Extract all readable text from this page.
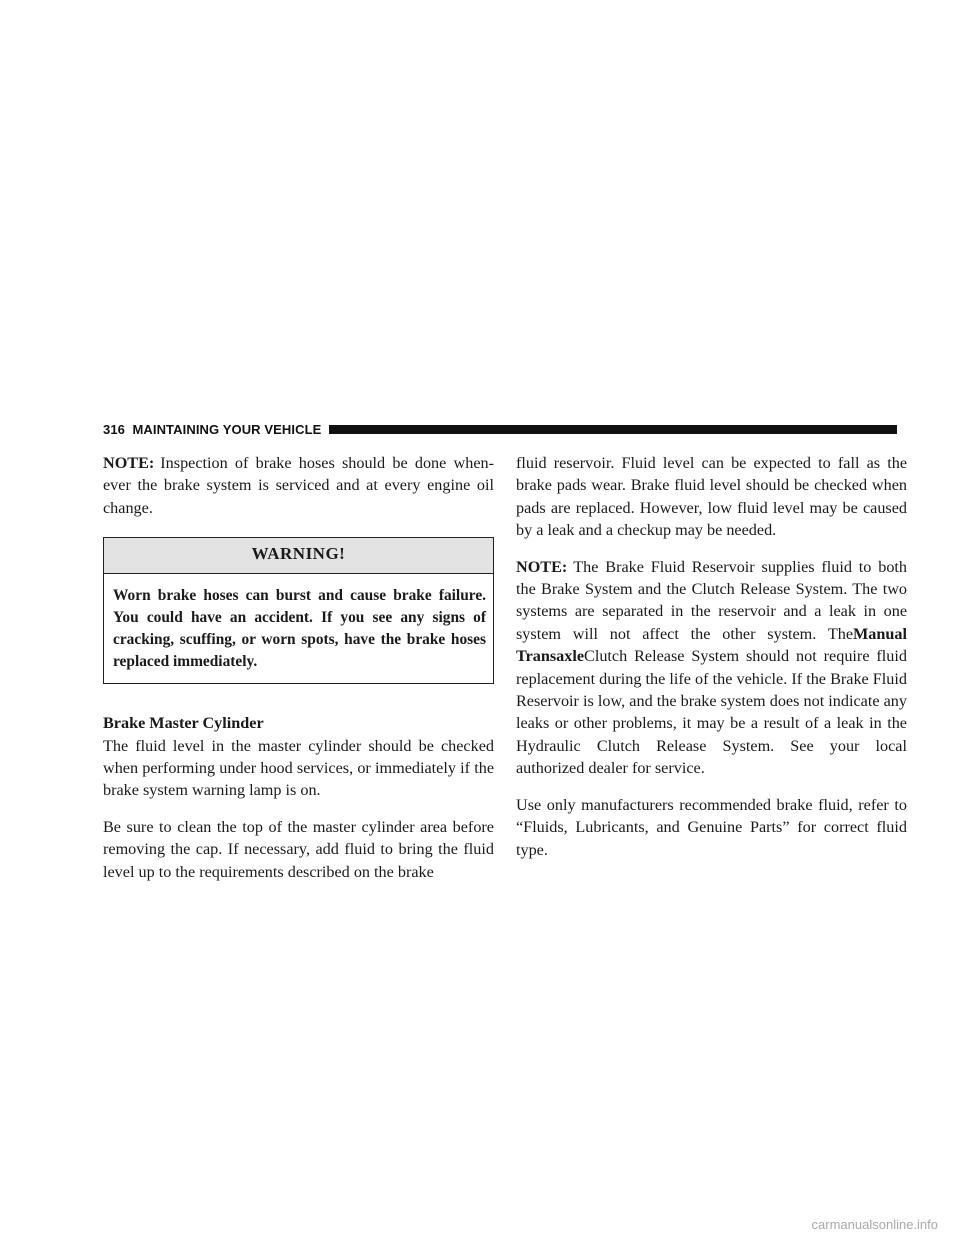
316 MAINTAINING YOUR VEHICLE

NOTE: Inspection of brake hoses should be done when-ever the brake system is serviced and at every engine oil change.

WARNING!
Worn brake hoses can burst and cause brake failure. You could have an accident. If you see any signs of cracking, scuffing, or worn spots, have the brake hoses replaced immediately.
Brake Master Cylinder

The fluid level in the master cylinder should be checked when performing under hood services, or immediately if the brake system warning lamp is on.

Be sure to clean the top of the master cylinder area before removing the cap. If necessary, add fluid to bring the fluid level up to the requirements described on the brake

fluid reservoir. Fluid level can be expected to fall as the brake pads wear. Brake fluid level should be checked when pads are replaced. However, low fluid level may be caused by a leak and a checkup may be needed.

NOTE: The Brake Fluid Reservoir supplies fluid to both the Brake System and the Clutch Release System. The two systems are separated in the reservoir and a leak in one system will not affect the other system. TheManual TransaxleClutch Release System should not require fluid replacement during the life of the vehicle. If the Brake Fluid Reservoir is low, and the brake system does not indicate any leaks or other problems, it may be a result of a leak in the Hydraulic Clutch Release System. See your local authorized dealer for service.

Use only manufacturers recommended brake fluid, refer to “Fluids, Lubricants, and Genuine Parts” for correct fluid type.

carmanualsonline.info
